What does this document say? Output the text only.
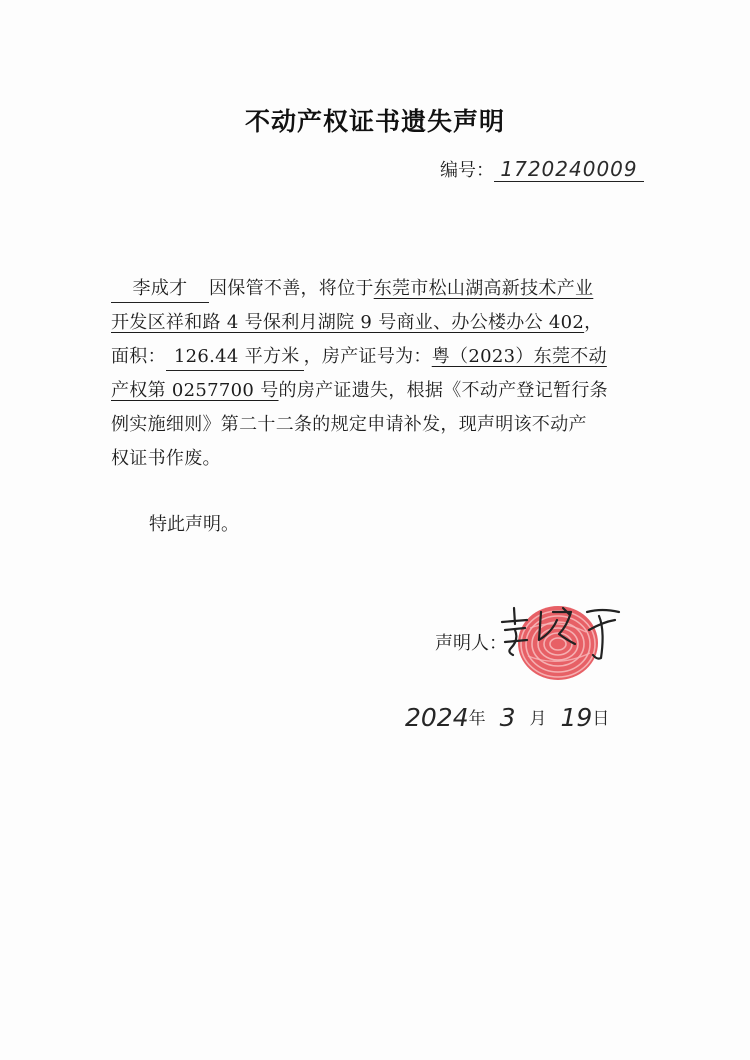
不动产权证书遗失声明
编号： 1720240009
李成才 因保管不善，将位于东莞市松山湖高新技术产业
开发区祥和路 4 号保利月湖院 9 号商业、办公楼办公 402，
面积： 126.44 平方米 ，房产证号为：粤（2023）东莞不动
产权第 0257700 号的房产证遗失，根据《不动产登记暂行条
例实施细则》第二十二条的规定申请补发，现声明该不动产
权证书作废。
特此声明。
声明人：
2024年 3 月 19日
